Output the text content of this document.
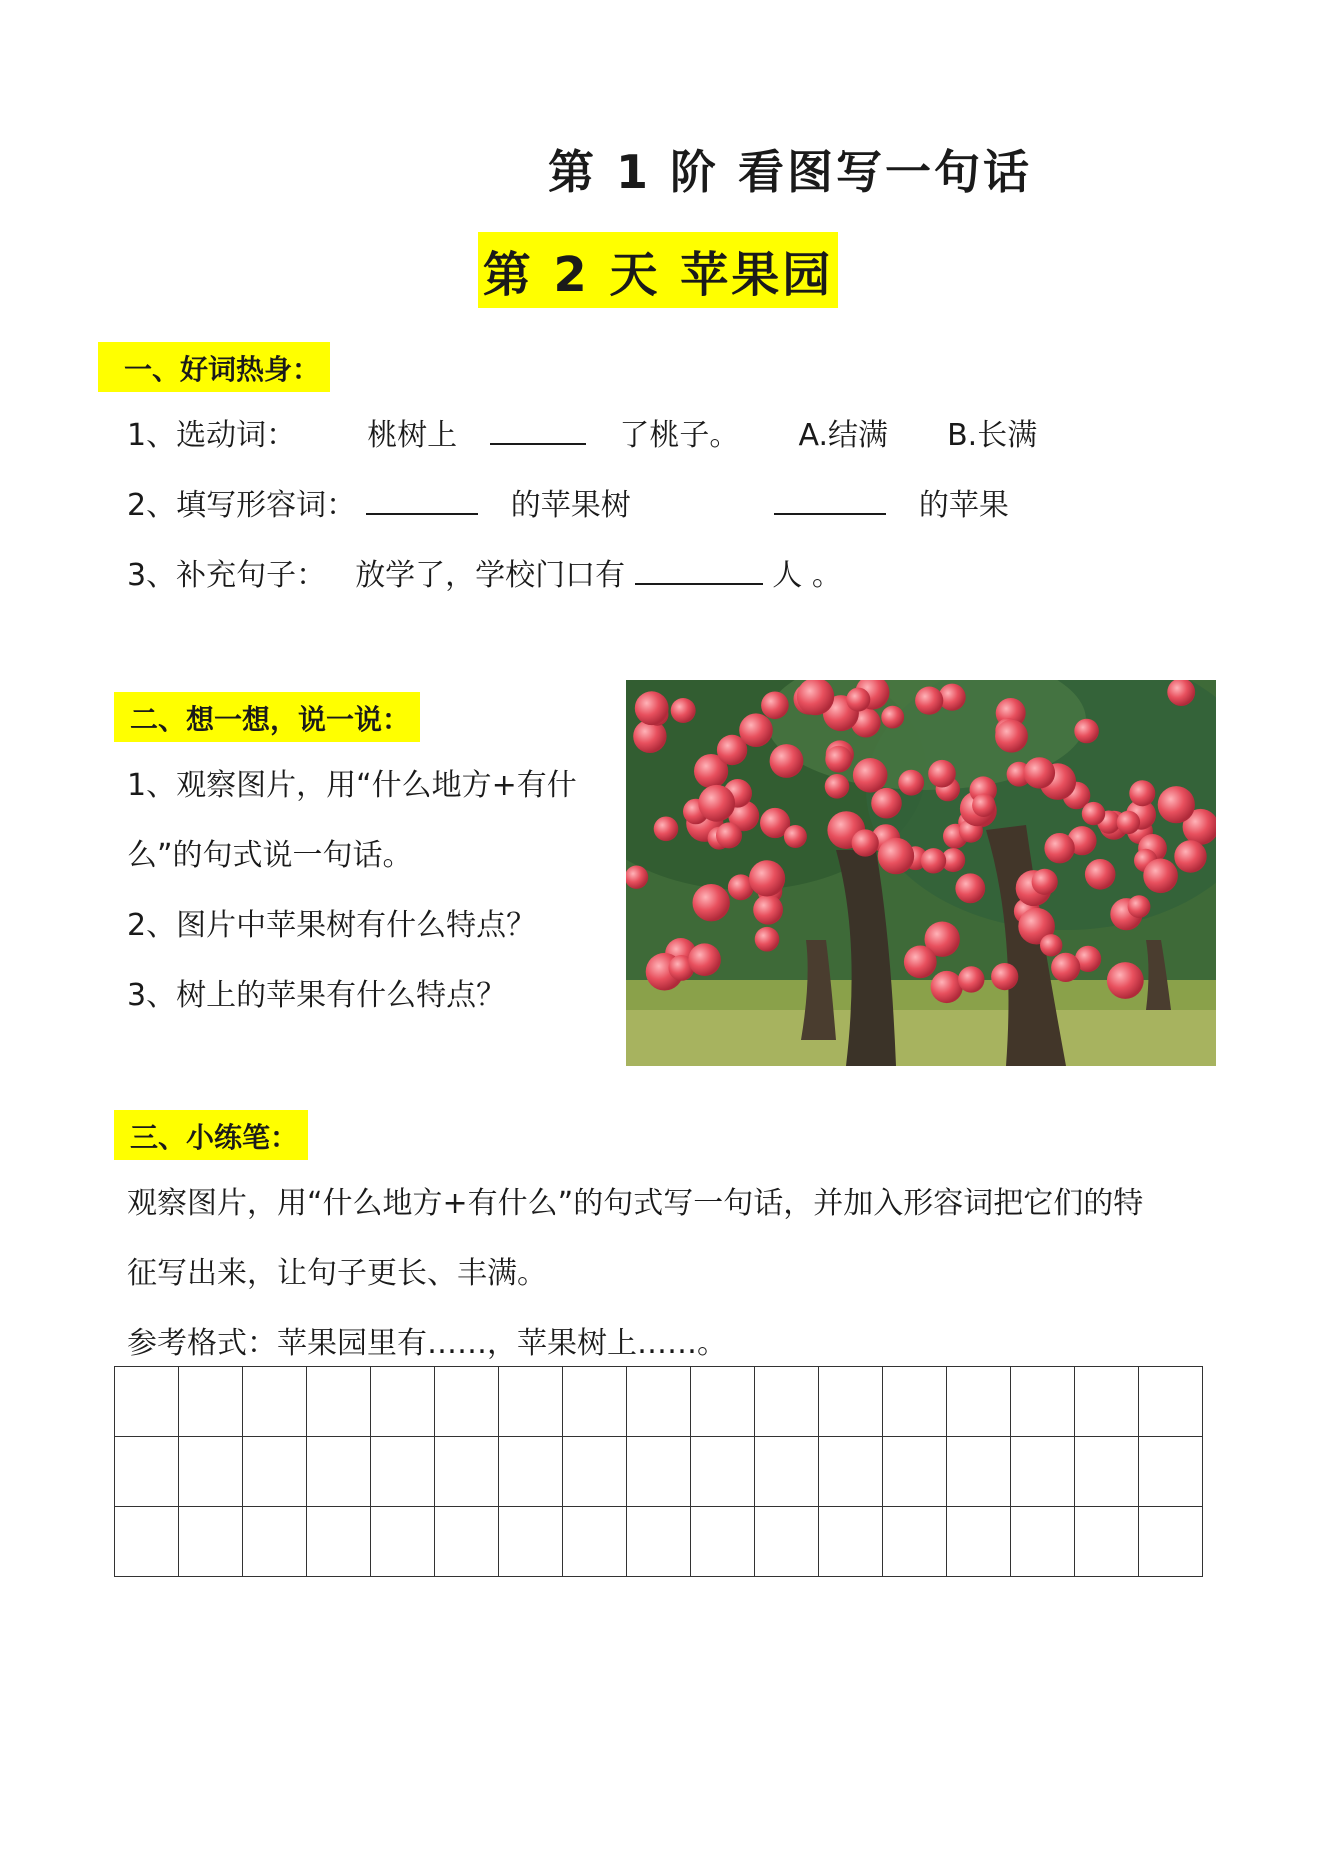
第 1 阶 看图写一句话
第 2 天 苹果园
一、好词热身：
1、选动词： 桃树上	了桃子。 A.结满 B.长满
2、填写形容词：	的苹果树	的苹果
3、补充句子： 放学了，学校门口有	人 。
二、想一想，说一说：
1、观察图片，用“什么地方+有什
么”的句式说一句话。
2、图片中苹果树有什么特点？
3、树上的苹果有什么特点？
三、小练笔：
观察图片，用“什么地方+有什么”的句式写一句话，并加入形容词把它们的特
征写出来，让句子更长、丰满。
参考格式：苹果园里有……，苹果树上……。
